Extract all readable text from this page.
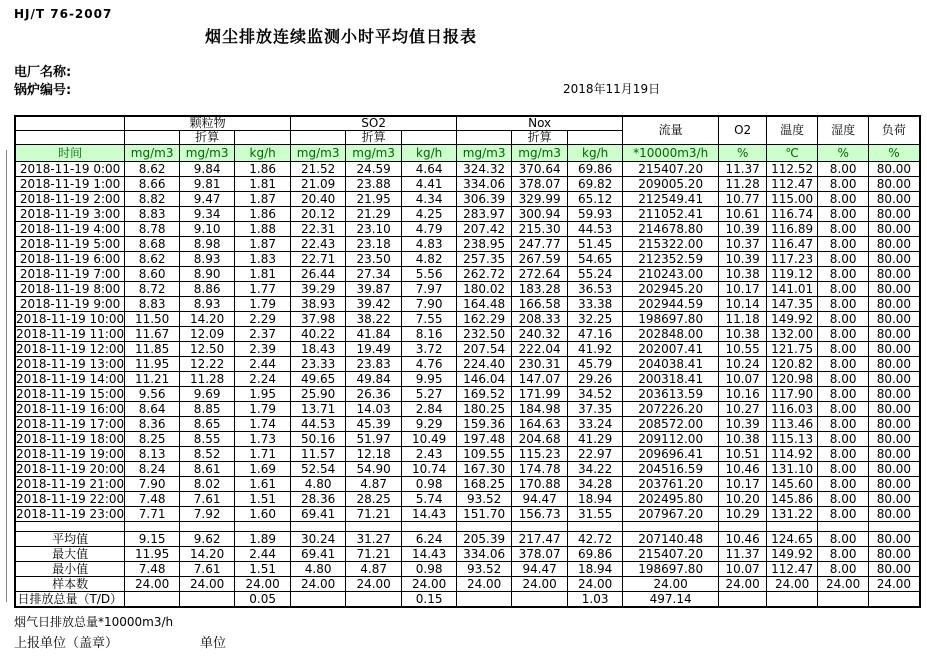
HJ/T 76-2007
烟尘排放连续监测小时平均值日报表
电厂名称:
锅炉编号:	2018年11月19日
	颗粒物			SO2			Nox			流量	O2	温度	湿度	负荷
		折算			折算			折算						
时间	mg/m3	mg/m3	kg/h	mg/m3	mg/m3	kg/h	mg/m3	mg/m3	kg/h	*10000m3/h	%	℃	%	%
2018-11-19 0:00	8.62	9.84	1.86	21.52	24.59	4.64	324.32	370.64	69.86	215407.20	11.37	112.52	8.00	80.00
2018-11-19 1:00	8.66	9.81	1.81	21.09	23.88	4.41	334.06	378.07	69.82	209005.20	11.28	112.47	8.00	80.00
2018-11-19 2:00	8.82	9.47	1.87	20.40	21.95	4.34	306.39	329.99	65.12	212549.41	10.77	115.00	8.00	80.00
2018-11-19 3:00	8.83	9.34	1.86	20.12	21.29	4.25	283.97	300.94	59.93	211052.41	10.61	116.74	8.00	80.00
2018-11-19 4:00	8.78	9.10	1.88	22.31	23.10	4.79	207.42	215.30	44.53	214678.80	10.39	116.89	8.00	80.00
2018-11-19 5:00	8.68	8.98	1.87	22.43	23.18	4.83	238.95	247.77	51.45	215322.00	10.37	116.47	8.00	80.00
2018-11-19 6:00	8.62	8.93	1.83	22.71	23.50	4.82	257.35	267.59	54.65	212352.59	10.39	117.23	8.00	80.00
2018-11-19 7:00	8.60	8.90	1.81	26.44	27.34	5.56	262.72	272.64	55.24	210243.00	10.38	119.12	8.00	80.00
2018-11-19 8:00	8.72	8.86	1.77	39.29	39.87	7.97	180.02	183.28	36.53	202945.20	10.17	141.01	8.00	80.00
2018-11-19 9:00	8.83	8.93	1.79	38.93	39.42	7.90	164.48	166.58	33.38	202944.59	10.14	147.35	8.00	80.00
2018-11-19 10:00	11.50	14.20	2.29	37.98	38.22	7.55	162.29	208.33	32.25	198697.80	11.18	149.92	8.00	80.00
2018-11-19 11:00	11.67	12.09	2.37	40.22	41.84	8.16	232.50	240.32	47.16	202848.00	10.38	132.00	8.00	80.00
2018-11-19 12:00	11.85	12.50	2.39	18.43	19.49	3.72	207.54	222.04	41.92	202007.41	10.55	121.75	8.00	80.00
2018-11-19 13:00	11.95	12.22	2.44	23.33	23.83	4.76	224.40	230.31	45.79	204038.41	10.24	120.82	8.00	80.00
2018-11-19 14:00	11.21	11.28	2.24	49.65	49.84	9.95	146.04	147.07	29.26	200318.41	10.07	120.98	8.00	80.00
2018-11-19 15:00	9.56	9.69	1.95	25.90	26.36	5.27	169.52	171.99	34.52	203613.59	10.16	117.90	8.00	80.00
2018-11-19 16:00	8.64	8.85	1.79	13.71	14.03	2.84	180.25	184.98	37.35	207226.20	10.27	116.03	8.00	80.00
2018-11-19 17:00	8.36	8.65	1.74	44.53	45.39	9.29	159.36	164.63	33.24	208572.00	10.39	113.46	8.00	80.00
2018-11-19 18:00	8.25	8.55	1.73	50.16	51.97	10.49	197.48	204.68	41.29	209112.00	10.38	115.13	8.00	80.00
2018-11-19 19:00	8.13	8.52	1.71	11.57	12.18	2.43	109.55	115.23	22.97	209696.41	10.51	114.92	8.00	80.00
2018-11-19 20:00	8.24	8.61	1.69	52.54	54.90	10.74	167.30	174.78	34.22	204516.59	10.46	131.10	8.00	80.00
2018-11-19 21:00	7.90	8.02	1.61	4.80	4.87	0.98	168.25	170.88	34.28	203761.20	10.17	145.60	8.00	80.00
2018-11-19 22:00	7.48	7.61	1.51	28.36	28.25	5.74	93.52	94.47	18.94	202495.80	10.20	145.86	8.00	80.00
2018-11-19 23:00	7.71	7.92	1.60	69.41	71.21	14.43	151.70	156.73	31.55	207967.20	10.29	131.22	8.00	80.00

平均值	9.15	9.62	1.89	30.24	31.27	6.24	205.39	217.47	42.72	207140.48	10.46	124.65	8.00	80.00
最大值	11.95	14.20	2.44	69.41	71.21	14.43	334.06	378.07	69.86	215407.20	11.37	149.92	8.00	80.00
最小值	7.48	7.61	1.51	4.80	4.87	0.98	93.52	94.47	18.94	198697.80	10.07	112.47	8.00	80.00
样本数	24.00	24.00	24.00	24.00	24.00	24.00	24.00	24.00	24.00	24.00	24.00	24.00	24.00	24.00

日排放总量（T/D）			0.05			0.15			1.03	497.14				
烟气日排放总量*10000m3/h
上报单位（盖章）	单位
